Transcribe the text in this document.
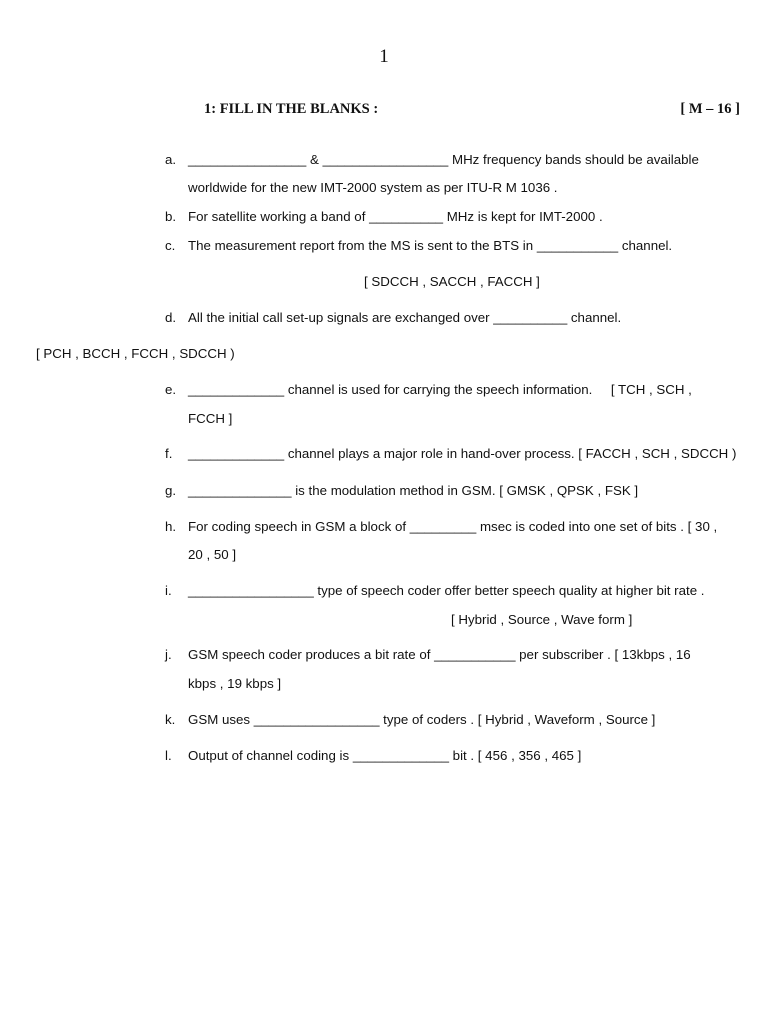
1
1: FILL IN THE BLANKS :	[ M – 16 ]
a. ________________ & _________________ MHz frequency bands should be available
worldwide for the new IMT-2000 system as per ITU-R M 1036 .
b. For satellite working a band of __________ MHz is kept for IMT-2000 .
c. The measurement report from the MS is sent to the BTS in ___________ channel.
[ SDCCH , SACCH , FACCH ]
d. All the initial call set-up signals are exchanged over __________ channel.
[ PCH , BCCH , FCCH , SDCCH )
e. _____________ channel is used for carrying the speech information.     [ TCH , SCH ,
FCCH ]
f.	_____________ channel plays a major role in hand-over process. [ FACCH , SCH , SDCCH )
g. ______________ is the modulation method in GSM. [ GMSK , QPSK , FSK ]
h. For coding speech in GSM a block of _________ msec is coded into one set of bits . [ 30 ,
20 , 50 ]
i.	_________________ type of speech coder offer better speech quality at higher bit rate .
[ Hybrid , Source , Wave form ]
j.	GSM speech coder produces a bit rate of ___________ per subscriber . [ 13kbps , 16
kbps , 19 kbps ]
k. GSM uses _________________ type of coders . [ Hybrid , Waveform , Source ]
l.	Output of channel coding is _____________ bit . [ 456 , 356 , 465 ]
